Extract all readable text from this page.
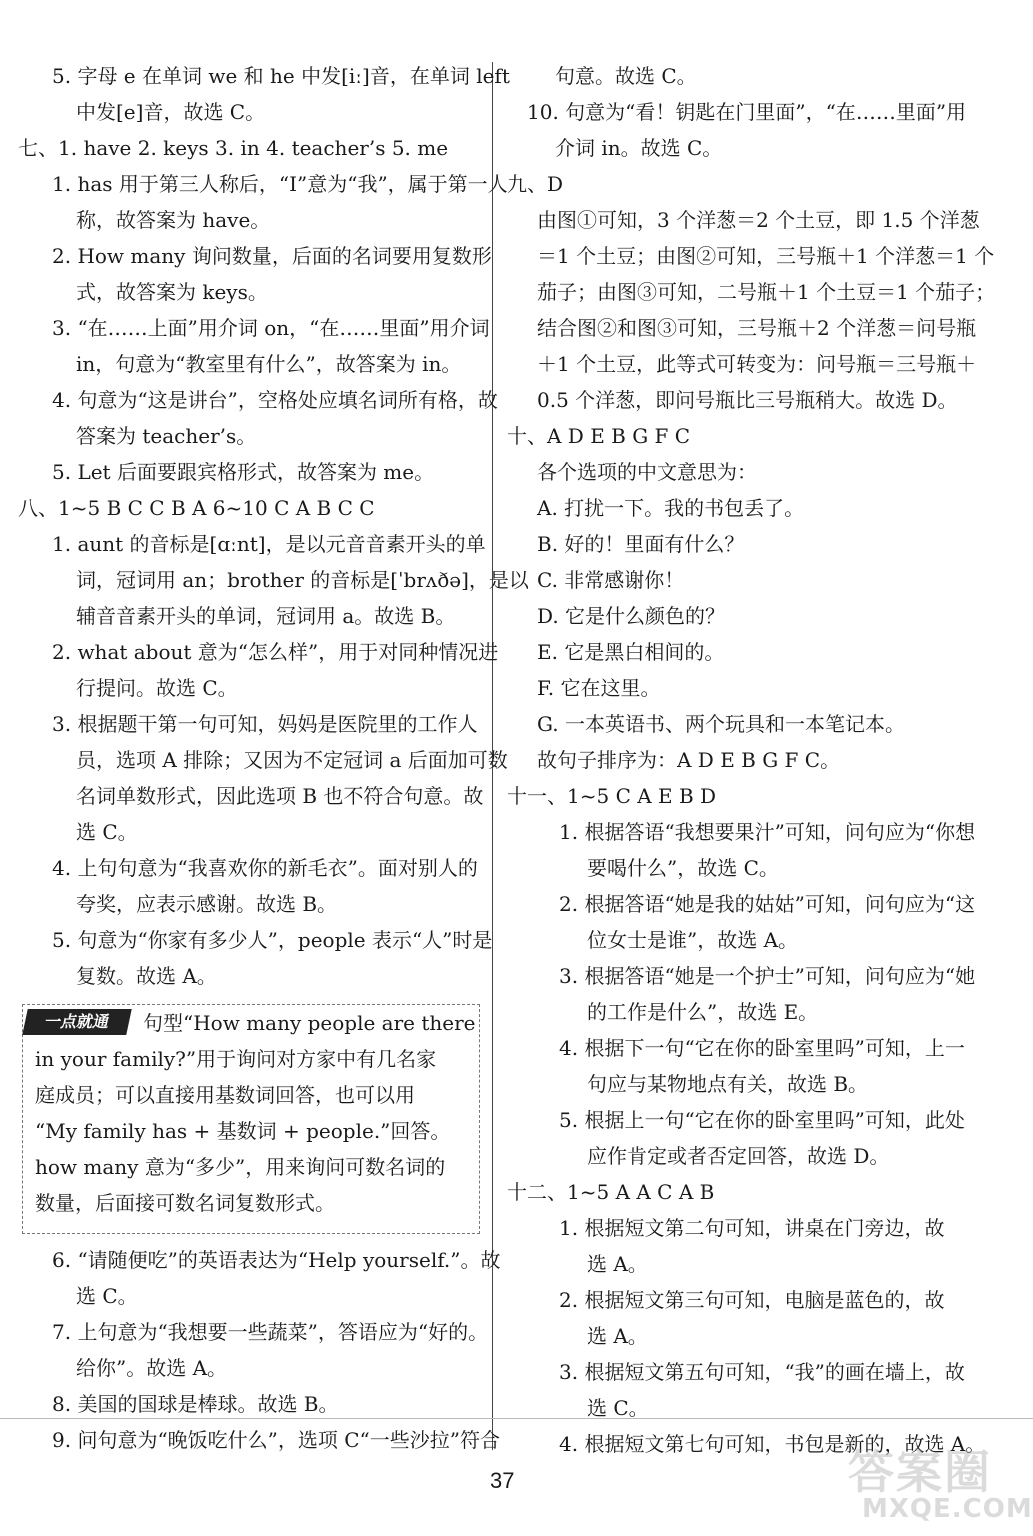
5. 字母 e 在单词 we 和 he 中发[iː]音，在单词 left
中发[e]音，故选 C。
七、1. have 2. keys 3. in 4. teacher’s 5. me
1. has 用于第三人称后，“I”意为“我”，属于第一人
称，故答案为 have。
2. How many 询问数量，后面的名词要用复数形
式，故答案为 keys。
3. “在……上面”用介词 on，“在……里面”用介词
in，句意为“教室里有什么”，故答案为 in。
4. 句意为“这是讲台”，空格处应填名词所有格，故
答案为 teacher’s。
5. Let 后面要跟宾格形式，故答案为 me。
八、1~5 B C C B A 6~10 C A B C C
1. aunt 的音标是[ɑːnt]，是以元音音素开头的单
词，冠词用 an；brother 的音标是[ˈbrʌðə]，是以
辅音音素开头的单词，冠词用 a。故选 B。
2. what about 意为“怎么样”，用于对同种情况进
行提问。故选 C。
3. 根据题干第一句可知，妈妈是医院里的工作人
员，选项 A 排除；又因为不定冠词 a 后面加可数
名词单数形式，因此选项 B 也不符合句意。故
选 C。
4. 上句句意为“我喜欢你的新毛衣”。面对别人的
夸奖，应表示感谢。故选 B。
5. 句意为“你家有多少人”，people 表示“人”时是
复数。故选 A。
一点就通	句型“How many people are there
in your family?”用于询问对方家中有几名家
庭成员；可以直接用基数词回答，也可以用
“My family has + 基数词 + people.”回答。
how many 意为“多少”，用来询问可数名词的
数量，后面接可数名词复数形式。
6. “请随便吃”的英语表达为“Help yourself.”。故
选 C。
7. 上句意为“我想要一些蔬菜”，答语应为“好的。
给你”。故选 A。
8. 美国的国球是棒球。故选 B。
9. 问句意为“晚饭吃什么”，选项 C“一些沙拉”符合
句意。故选 C。
10. 句意为“看！钥匙在门里面”，“在……里面”用
介词 in。故选 C。
九、D
由图①可知，3 个洋葱＝2 个土豆，即 1.5 个洋葱
＝1 个土豆；由图②可知，三号瓶＋1 个洋葱＝1 个
茄子；由图③可知，二号瓶＋1 个土豆＝1 个茄子；
结合图②和图③可知，三号瓶＋2 个洋葱＝问号瓶
＋1 个土豆，此等式可转变为：问号瓶＝三号瓶＋
0.5 个洋葱，即问号瓶比三号瓶稍大。故选 D。
十、A D E B G F C
各个选项的中文意思为：
A. 打扰一下。我的书包丢了。
B. 好的！里面有什么？
C. 非常感谢你！
D. 它是什么颜色的？
E. 它是黑白相间的。
F. 它在这里。
G. 一本英语书、两个玩具和一本笔记本。
故句子排序为：A D E B G F C。
十一、1~5 C A E B D
1. 根据答语“我想要果汁”可知，问句应为“你想
要喝什么”，故选 C。
2. 根据答语“她是我的姑姑”可知，问句应为“这
位女士是谁”，故选 A。
3. 根据答语“她是一个护士”可知，问句应为“她
的工作是什么”，故选 E。
4. 根据下一句“它在你的卧室里吗”可知，上一
句应与某物地点有关，故选 B。
5. 根据上一句“它在你的卧室里吗”可知，此处
应作肯定或者否定回答，故选 D。
十二、1~5 A A C A B
1. 根据短文第二句可知，讲桌在门旁边，故
选 A。
2. 根据短文第三句可知，电脑是蓝色的，故
选 A。
3. 根据短文第五句可知，“我”的画在墙上，故
选 C。
4. 根据短文第七句可知，书包是新的，故选 A。
37	答案圈
MXQE.COM
